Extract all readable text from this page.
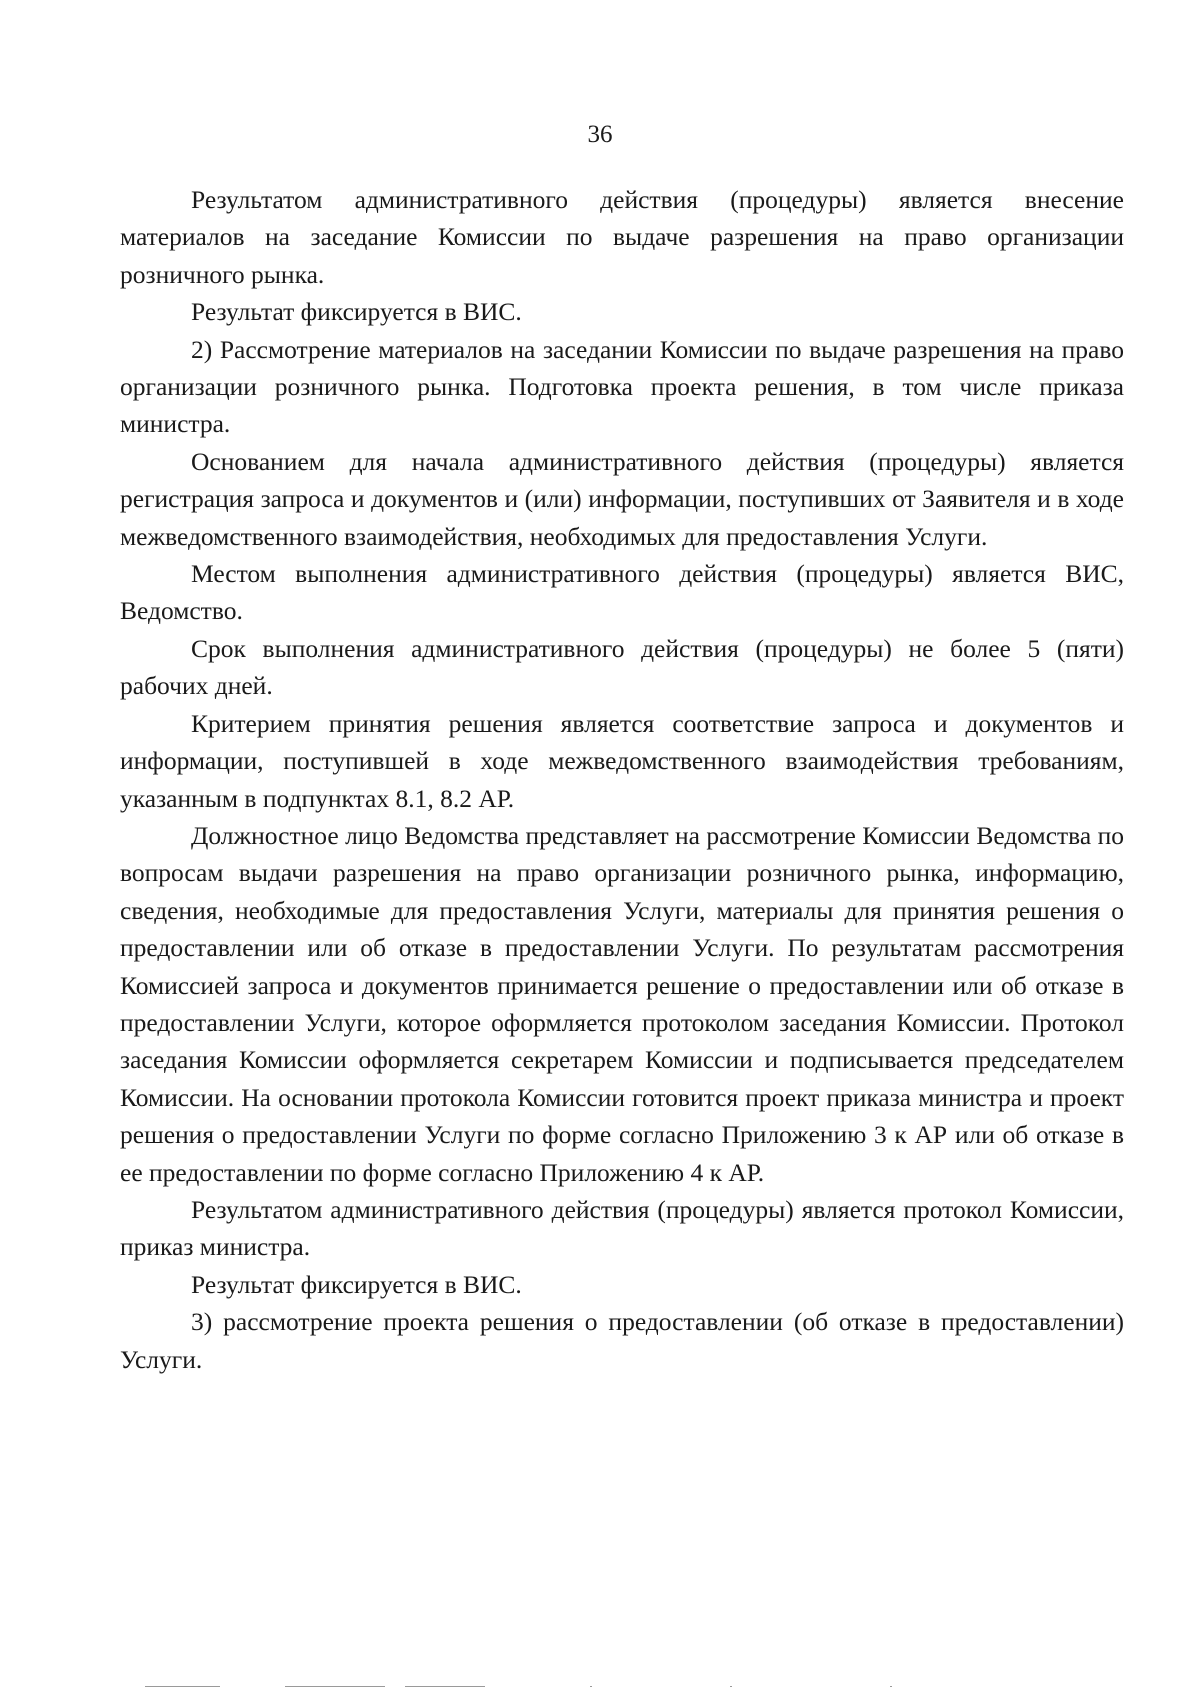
36

Результатом административного действия (процедуры) является внесение материалов на заседание Комиссии по выдаче разрешения на право организации розничного рынка.

Результат фиксируется в ВИС.

2) Рассмотрение материалов на заседании Комиссии по выдаче разрешения на право организации розничного рынка. Подготовка проекта решения, в том числе приказа министра.

Основанием для начала административного действия (процедуры) является регистрация запроса и документов и (или) информации, поступивших от Заявителя и в ходе межведомственного взаимодействия, необходимых для предоставления Услуги.

Местом выполнения административного действия (процедуры) является ВИС, Ведомство.

Срок выполнения административного действия (процедуры) не более 5 (пяти) рабочих дней.

Критерием принятия решения является соответствие запроса и документов и информации, поступившей в ходе межведомственного взаимодействия требованиям, указанным в подпунктах 8.1, 8.2 АР.

Должностное лицо Ведомства представляет на рассмотрение Комиссии Ведомства по вопросам выдачи разрешения на право организации розничного рынка, информацию, сведения, необходимые для предоставления Услуги, материалы для принятия решения о предоставлении или об отказе в предоставлении Услуги. По результатам рассмотрения Комиссией запроса и документов принимается решение о предоставлении или об отказе в предоставлении Услуги, которое оформляется протоколом заседания Комиссии. Протокол заседания Комиссии оформляется секретарем Комиссии и подписывается председателем Комиссии. На основании протокола Комиссии готовится проект приказа министра и проект решения о предоставлении Услуги по форме согласно Приложению 3 к АР или об отказе в ее предоставлении по форме согласно Приложению 4 к АР.

Результатом административного действия (процедуры) является протокол Комиссии, приказ министра.

Результат фиксируется в ВИС.

3) рассмотрение проекта решения о предоставлении (об отказе в предоставлении) Услуги.
